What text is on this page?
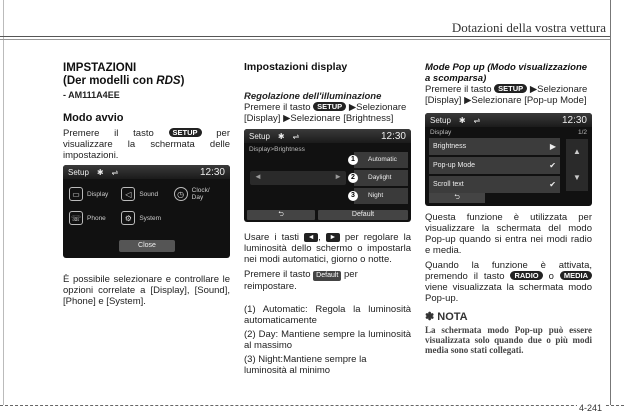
Dotazioni della vostra vettura
IMPSTAZIONI
(Der modelli con RDS)
- AM111A4EE
Modo avvio
Premere il tasto	SETUP per visualizzare la schermata delle impostazioni.
È possibile selezionare e controllare le opzioni correlate a [Display], [Sound], [Phone] e [System].
Setup ✱ ⇌	12:30
▭	Display	◁	Sound	◷	Clock/
Day
☏ Phone	⚙	System
Close
Impostazioni display
Regolazione dell'illuminazione
Premere il tasto SETUP ▶Selezionare [Display] ▶Selezionare [Brightness]
Usare i tasti ◄ , ► per regolare la luminosità dello schermo o impostarla nei modi automatici, giorno o notte.
Premere il tasto Default per reimpostare.
(1) Automatic: Regola la luminosità automaticamente
(2) Day: Mantiene sempre la luminosità al massimo
(3) Night:Mantiene sempre la luminosità al minimo
Setup ✱ ⇌	12:30
Display>Brightness
◄	►
1	Automatic
2	Daylight
3	Night
⮌	Default
Mode Pop up (Modo visualizzazione a scomparsa)
Premere il tasto SETUP ▶Selezionare [Display] ▶Selezionare [Pop-up Mode]
Questa funzione è utilizzata per visualizzare la schermata del modo Pop-up quando si entra nei modi radio e media.
Quando la funzione è attivata, premendo il tasto RADIO o MEDIA viene visualizzata la schermata modo Pop-up.
✽ NOTA
La schermata modo Pop-up può essere visualizzata solo quando due o più modi media sono stati collegati.
Setup ✱ ⇌	12:30
Display	1/2
Brightness	▶
Pop-up Mode	✔
Scroll text	✔
▲
▼
⮌
4-241
